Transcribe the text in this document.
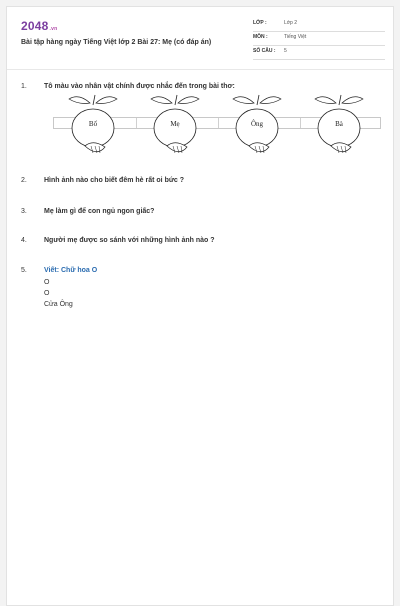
2048.vn
Bài tập hàng ngày Tiếng Việt lớp 2 Bài 27: Mẹ (có đáp án)
LỚP :	Lớp 2
MÔN :	Tiếng Việt
SỐ CÂU : 5
1.	Tô màu vào nhân vật chính được nhắc đến trong bài thơ:
Bố	Mẹ	Ông	Bà
2.	Hình ảnh nào cho biết đêm hè rất oi bức ?
3.	Mẹ làm gì để con ngủ ngon giấc?
4.	Người mẹ được so sánh với những hình ảnh nào ?
5.	Viết: Chữ hoa O
O
O
Cửa Ông
